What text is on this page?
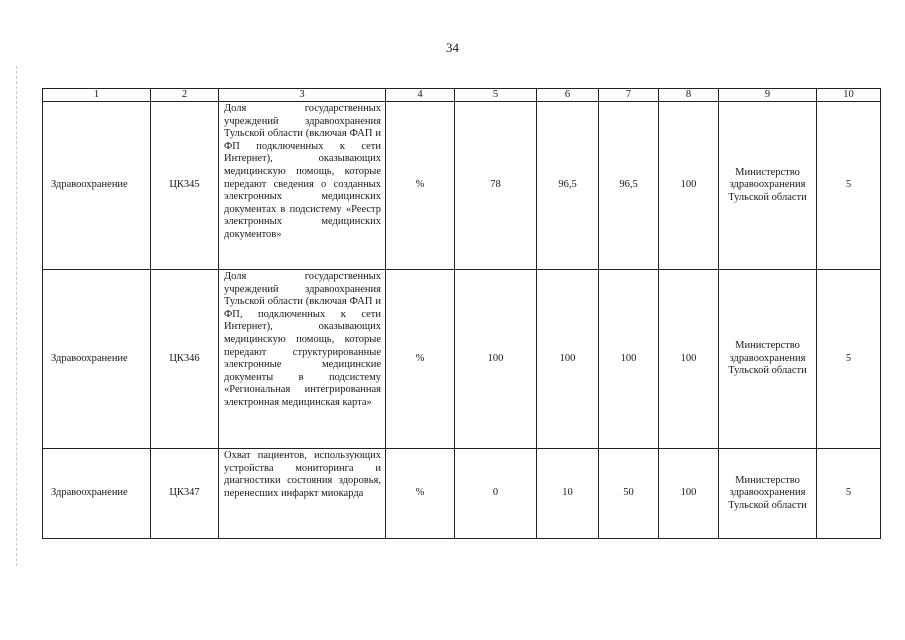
34
1	2	3	4	5	6	7	8	9	10
Здравоохранение	ЦК345	Доля государственных учреждений здравоохранения Тульской области (включая ФАП и ФП подключенных к сети Интернет), оказывающих медицинскую помощь, которые передают сведения о созданных электронных медицинских документах в подсистему «Реестр электронных медицинских документов»	%	78	96,5	96,5	100	Министерство здравоохранения Тульской области	5
Здравоохранение	ЦК346	Доля государственных учреждений здравоохранения Тульской области (включая ФАП и ФП, подключенных к сети Интернет), оказывающих медицинскую помощь, которые передают структурированные электронные медицинские документы в подсистему «Региональная интегрированная электронная медицинская карта»	%	100	100	100	100	Министерство здравоохранения Тульской области	5
Здравоохранение	ЦК347	Охват пациентов, использующих устройства мониторинга и диагностики состояния здоровья, перенесших инфаркт миокарда	%	0	10	50	100	Министерство здравоохранения Тульской области	5
